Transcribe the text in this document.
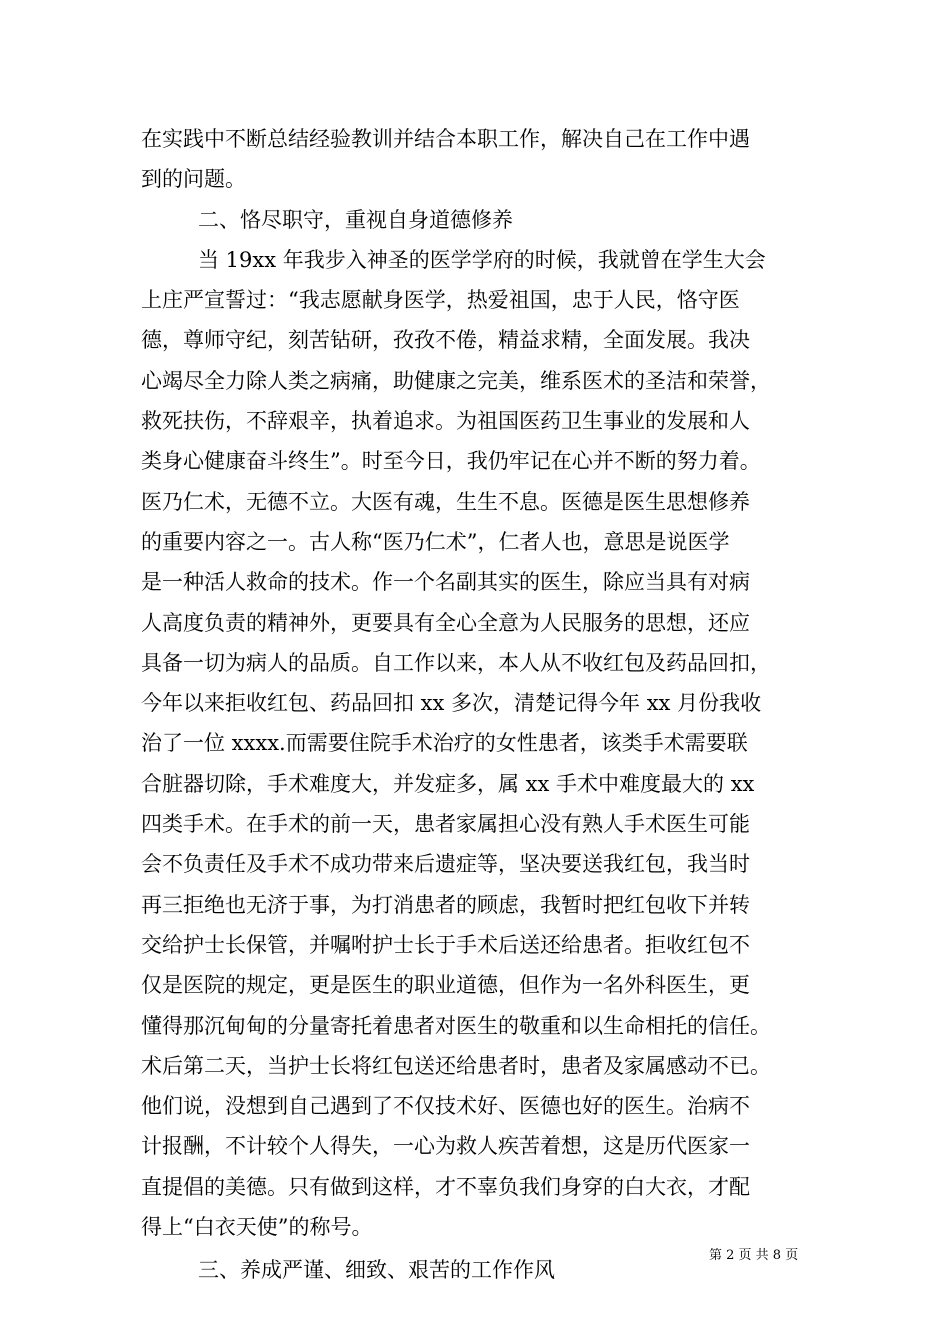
在实践中不断总结经验教训并结合本职工作，解决自己在工作中遇
到的问题。
二、恪尽职守，重视自身道德修养
当 19xx 年我步入神圣的医学学府的时候，我就曾在学生大会
上庄严宣誓过：“我志愿献身医学，热爱祖国，忠于人民，恪守医
德，尊师守纪，刻苦钻研，孜孜不倦，精益求精，全面发展。我决
心竭尽全力除人类之病痛，助健康之完美，维系医术的圣洁和荣誉，
救死扶伤，不辞艰辛，执着追求。为祖国医药卫生事业的发展和人
类身心健康奋斗终生”。时至今日，我仍牢记在心并不断的努力着。
医乃仁术，无德不立。大医有魂，生生不息。医德是医生思想修养
的重要内容之一。古人称“医乃仁术”，仁者人也，意思是说医学
是一种活人救命的技术。作一个名副其实的医生，除应当具有对病
人高度负责的精神外，更要具有全心全意为人民服务的思想，还应
具备一切为病人的品质。自工作以来，本人从不收红包及药品回扣，
今年以来拒收红包、药品回扣 xx 多次，清楚记得今年 xx 月份我收
治了一位 xxxx.而需要住院手术治疗的女性患者，该类手术需要联
合脏器切除，手术难度大，并发症多，属 xx 手术中难度最大的 xx
四类手术。在手术的前一天，患者家属担心没有熟人手术医生可能
会不负责任及手术不成功带来后遗症等，坚决要送我红包，我当时
再三拒绝也无济于事，为打消患者的顾虑，我暂时把红包收下并转
交给护士长保管，并嘱咐护士长于手术后送还给患者。拒收红包不
仅是医院的规定，更是医生的职业道德，但作为一名外科医生，更
懂得那沉甸甸的分量寄托着患者对医生的敬重和以生命相托的信任。
术后第二天，当护士长将红包送还给患者时，患者及家属感动不已。
他们说，没想到自己遇到了不仅技术好、医德也好的医生。治病不
计报酬，不计较个人得失，一心为救人疾苦着想，这是历代医家一
直提倡的美德。只有做到这样，才不辜负我们身穿的白大衣，才配
得上“白衣天使”的称号。
三、养成严谨、细致、艰苦的工作作风
第 2 页 共 8 页
